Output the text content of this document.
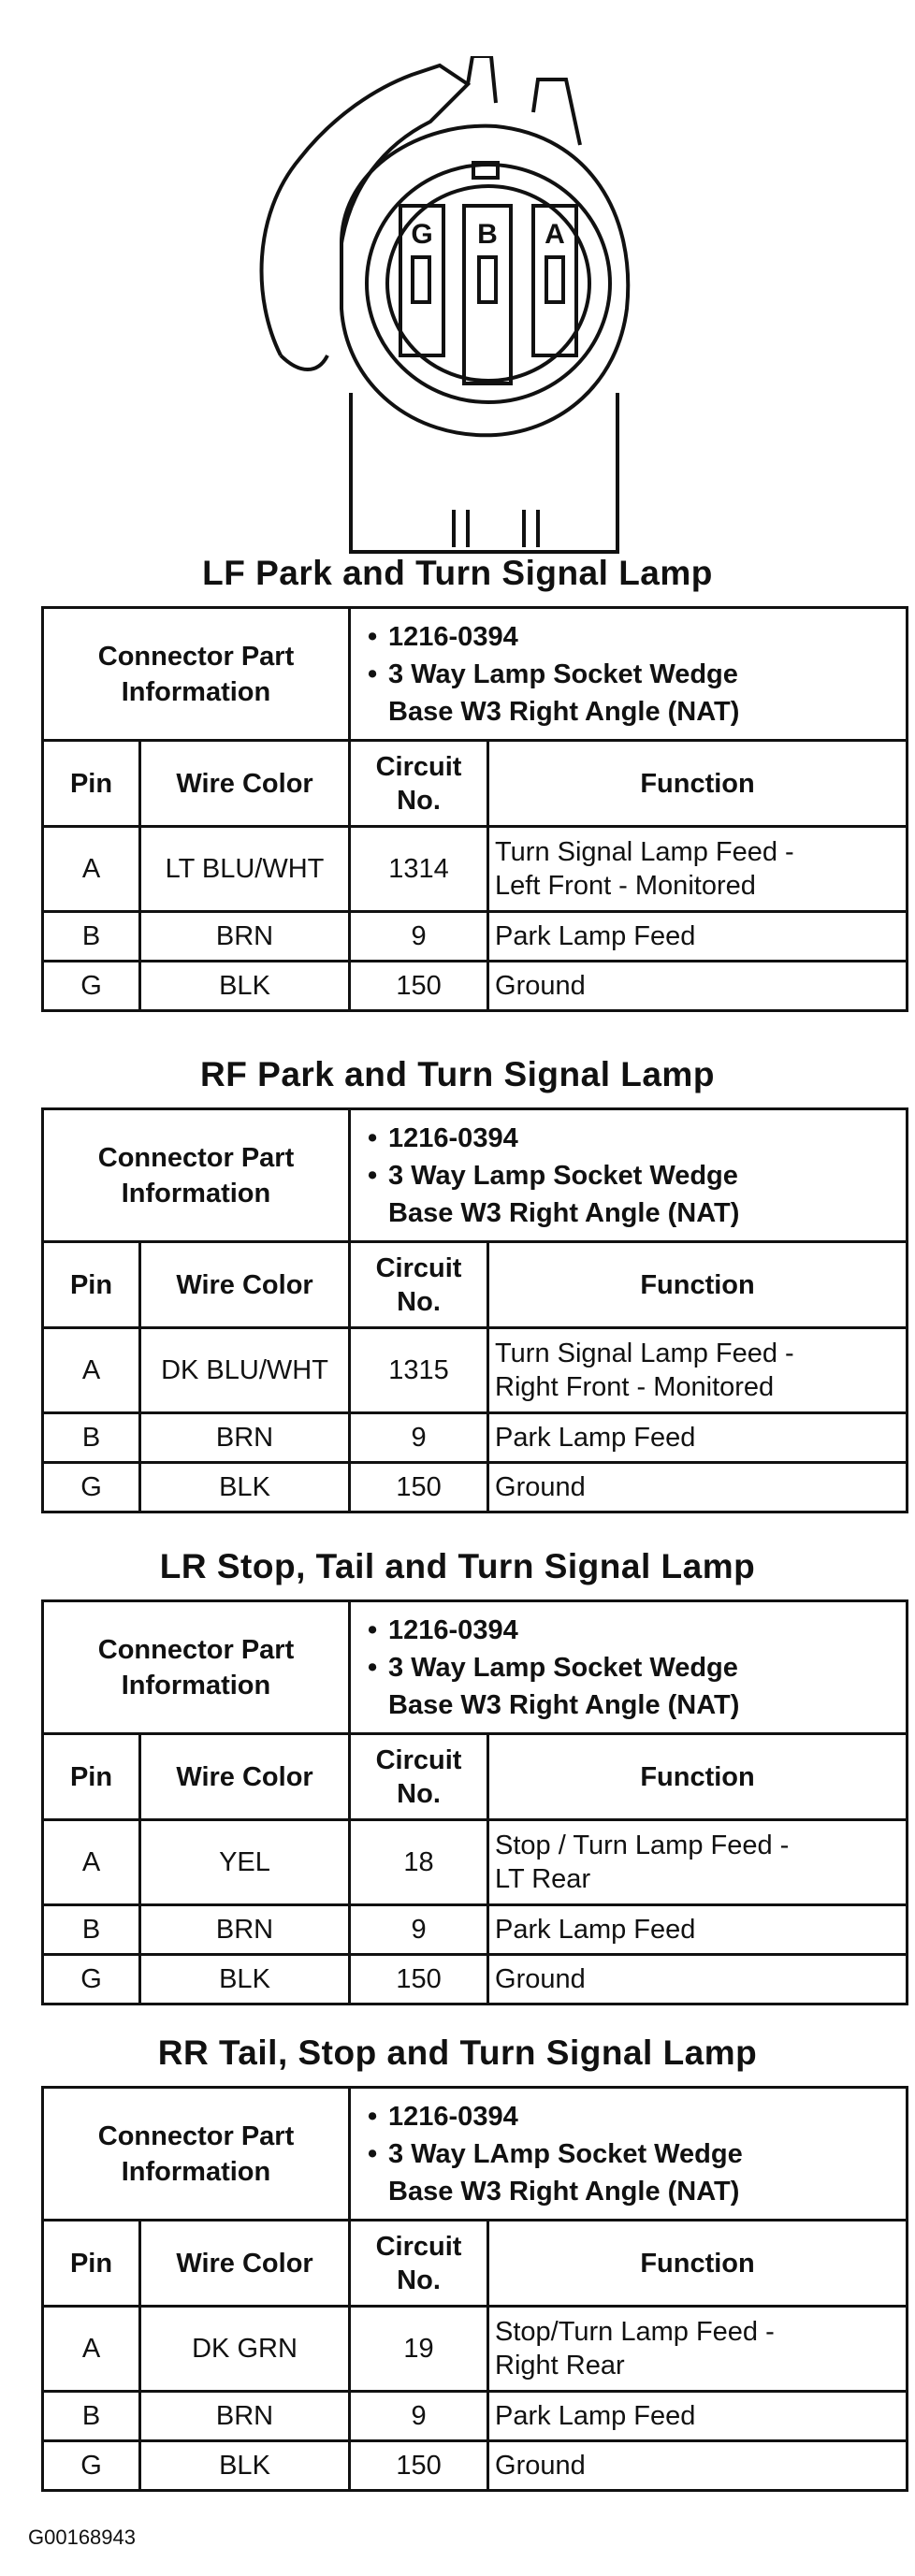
G B A
LF Park and Turn Signal Lamp
Connector Part Information		• 1216-0394
• 3 Way Lamp Socket Wedge
Base W3 Right Angle (NAT)	

Pin	Wire Color	Circuit No.	Function
A	LT BLU/WHT	1314	Turn Signal Lamp Feed -
Left Front - Monitored

B	BRN	9	Park Lamp Feed
G	BLK	150	Ground
RF Park and Turn Signal Lamp
Connector Part Information		• 1216-0394
• 3 Way Lamp Socket Wedge
Base W3 Right Angle (NAT)	

Pin	Wire Color	Circuit No.	Function
A	DK BLU/WHT	1315	Turn Signal Lamp Feed -
Right Front - Monitored

B	BRN	9	Park Lamp Feed
G	BLK	150	Ground
LR Stop, Tail and Turn Signal Lamp
Connector Part Information		• 1216-0394
• 3 Way Lamp Socket Wedge
Base W3 Right Angle (NAT)	

Pin	Wire Color	Circuit No.	Function
A	YEL	18	Stop / Turn Lamp Feed -
LT Rear

B	BRN	9	Park Lamp Feed
G	BLK	150	Ground
RR Tail, Stop and Turn Signal Lamp
Connector Part Information		• 1216-0394
• 3 Way LAmp Socket Wedge
Base W3 Right Angle (NAT)	

Pin	Wire Color	Circuit No.	Function
A	DK GRN	19	Stop/Turn Lamp Feed -
Right Rear

B	BRN	9	Park Lamp Feed
G	BLK	150	Ground
G00168943
